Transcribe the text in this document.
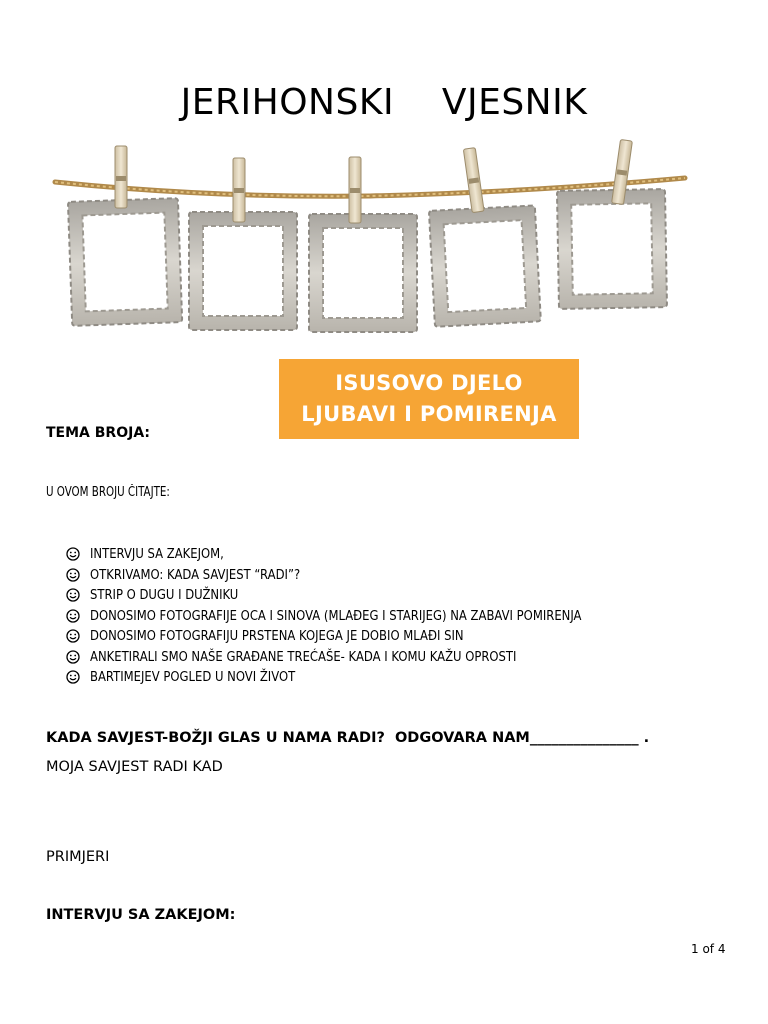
JERIHONSKI    VJESNIK
ISUSOVO DJELO
LJUBAVI I POMIRENJA
TEMA BROJA:
U OVOM BROJU ČITAJTE:
INTERVJU SA ZAKEJOM,
OTKRIVAMO: KADA SAVJEST “RADI”?
STRIP O DUGU I DUŽNIKU
DONOSIMO FOTOGRAFIJE OCA I SINOVA (MLAĐEG I STARIJEG) NA ZABAVI POMIRENJA
DONOSIMO FOTOGRAFIJU PRSTENA KOJEGA JE DOBIO MLAĐI SIN
ANKETIRALI SMO NAŠE GRAĐANE TREĆAŠE- KADA I KOMU KAŽU OPROSTI
BARTIMEJEV POGLED U NOVI ŽIVOT
KADA SAVJEST-BOŽJI GLAS U NAMA RADI?  ODGOVARA NAM_______________ .
MOJA SAVJEST RADI KAD
PRIMJERI
INTERVJU SA ZAKEJOM:
1 of 4
